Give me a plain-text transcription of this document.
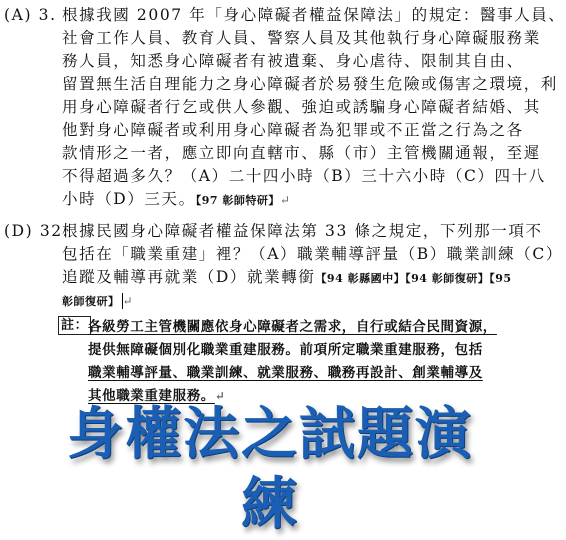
(A) 3. 根據我國 2007 年「身心障礙者權益保障法」的規定：醫事人員、
社會工作人員、教育人員、警察人員及其他執行身心障礙服務業
務人員，知悉身心障礙者有被遺棄、身心虐待、限制其自由、
留置無生活自理能力之身心障礙者於易發生危險或傷害之環境，利
用身心障礙者行乞或供人參觀、強迫或誘騙身心障礙者結婚、其
他對身心障礙者或利用身心障礙者為犯罪或不正當之行為之各
款情形之一者，應立即向直轄市、縣（市）主管機關通報，至遲
不得超過多久？（A）二十四小時（B）三十六小時（C）四十八
小時（D）三天。【97 彰師特研】↵
(D) 32.
根據民國身心障礙者權益保障法第 33 條之規定，下列那一項不
包括在「職業重建」裡？（A）職業輔導評量（B）職業訓練（C）
追蹤及輔導再就業（D）就業轉銜【94 彰縣國中】【94 彰師復研】【95
彰師復研】 ↵
註： 各級勞工主管機關應依身心障礙者之需求，自行或結合民間資源，
提供無障礙個別化職業重建服務。前項所定職業重建服務，包括
職業輔導評量、職業訓練、就業服務、職務再設計、創業輔導及
其他職業重建服務。↵
身權法之試題演練
